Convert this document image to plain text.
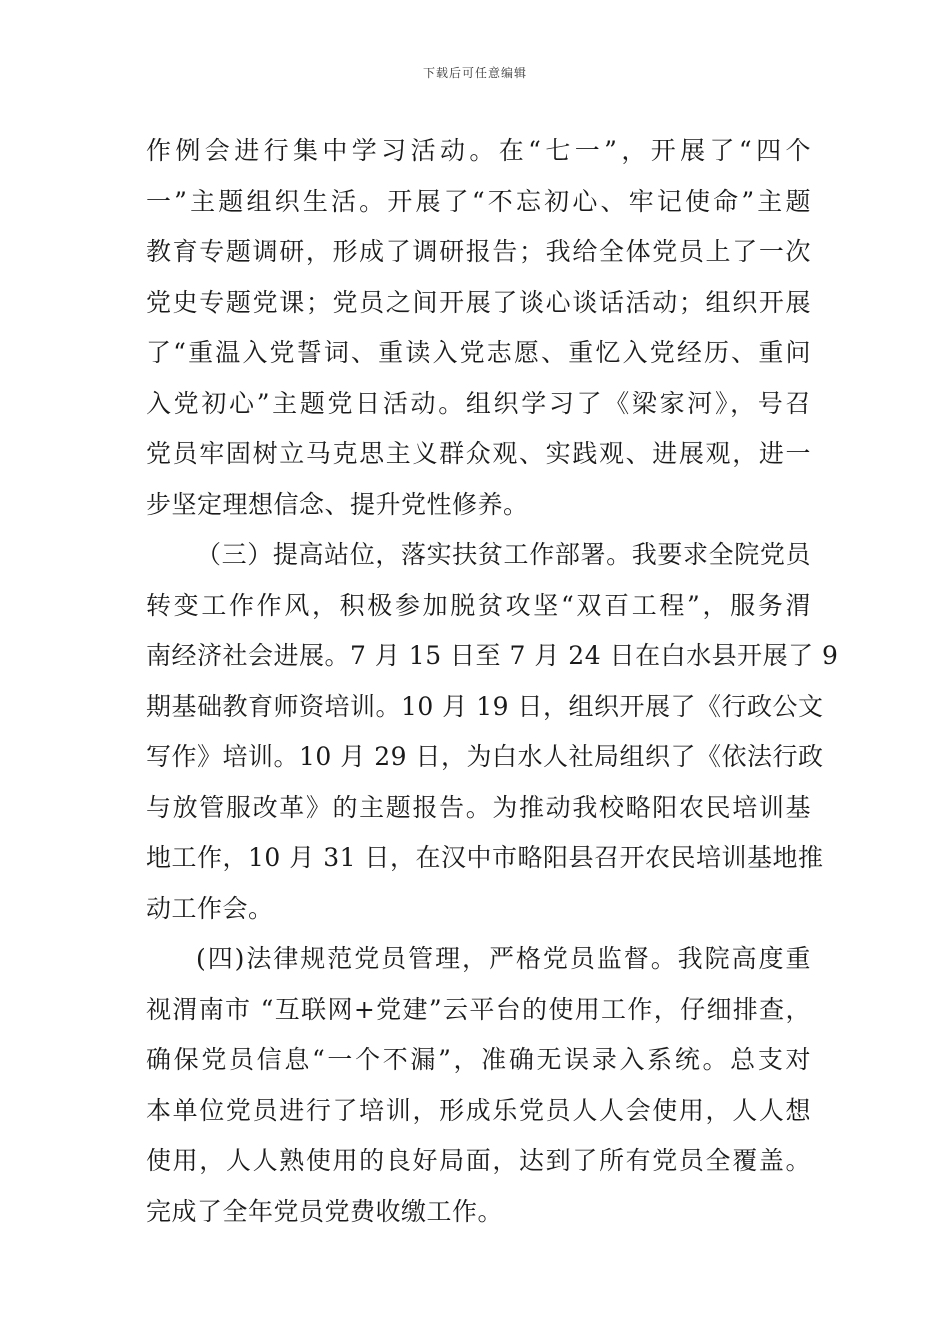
下载后可任意编辑
作例会进行集中学习活动。在“七一”，开展了“四个
一”主题组织生活。开展了“不忘初心、牢记使命”主题
教育专题调研，形成了调研报告；我给全体党员上了一次
党史专题党课；党员之间开展了谈心谈话活动；组织开展
了“重温入党誓词、重读入党志愿、重忆入党经历、重问
入党初心”主题党日活动。组织学习了《梁家河》，号召
党员牢固树立马克思主义群众观、实践观、进展观，进一
步坚定理想信念、提升党性修养。
（三）提高站位，落实扶贫工作部署。我要求全院党员
转变工作作风，积极参加脱贫攻坚“双百工程”，服务渭
南经济社会进展。7 月 15 日至 7 月 24 日在白水县开展了 9
期基础教育师资培训。10 月 19 日，组织开展了《行政公文
写作》培训。10 月 29 日，为白水人社局组织了《依法行政
与放管服改革》的主题报告。为推动我校略阳农民培训基
地工作，10 月 31 日，在汉中市略阳县召开农民培训基地推
动工作会。
(四)法律规范党员管理，严格党员监督。我院高度重
视渭南市 “互联网+党建”云平台的使用工作，仔细排查，
确保党员信息“一个不漏”，准确无误录入系统。总支对
本单位党员进行了培训，形成乐党员人人会使用，人人想
使用，人人熟使用的良好局面，达到了所有党员全覆盖。
完成了全年党员党费收缴工作。
